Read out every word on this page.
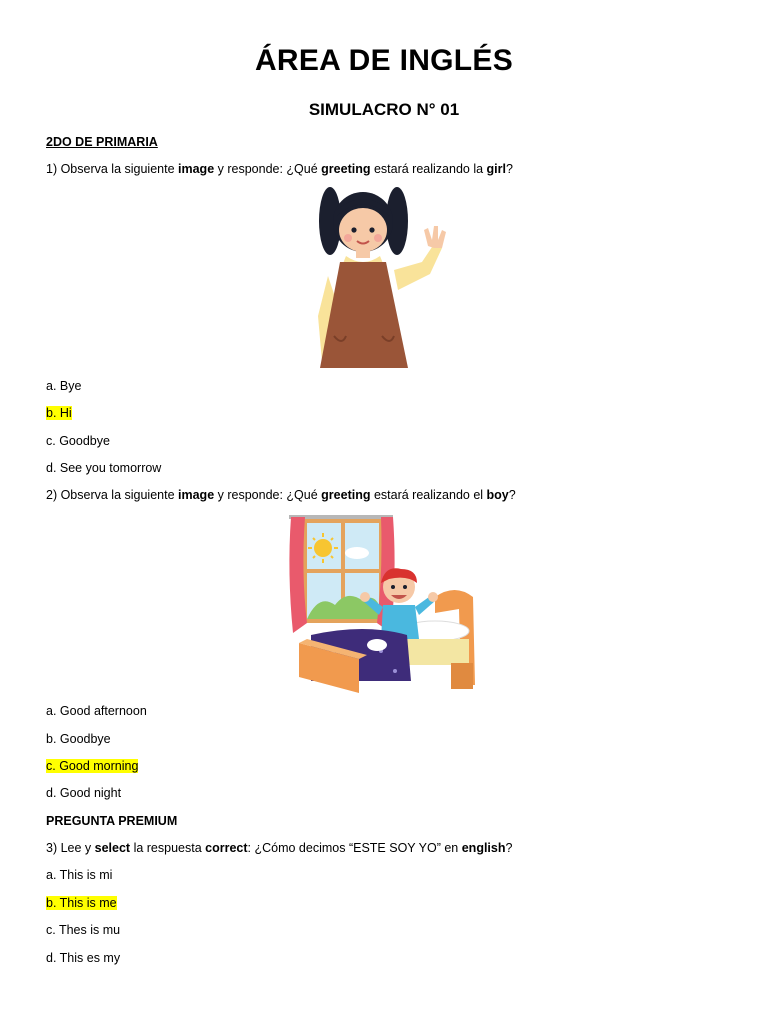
ÁREA DE INGLÉS
SIMULACRO N° 01
2DO DE PRIMARIA
1) Observa la siguiente image y responde: ¿Qué greeting estará realizando la girl?
a. Bye
b. Hi
c. Goodbye
d. See you tomorrow
2) Observa la siguiente image y responde: ¿Qué greeting estará realizando el boy?
a. Good afternoon
b. Goodbye
c. Good morning
d. Good night
PREGUNTA PREMIUM
3) Lee y select la respuesta correct: ¿Cómo decimos “ESTE SOY YO” en english?
a. This is mi
b. This is me
c. Thes is mu
d. This es my
